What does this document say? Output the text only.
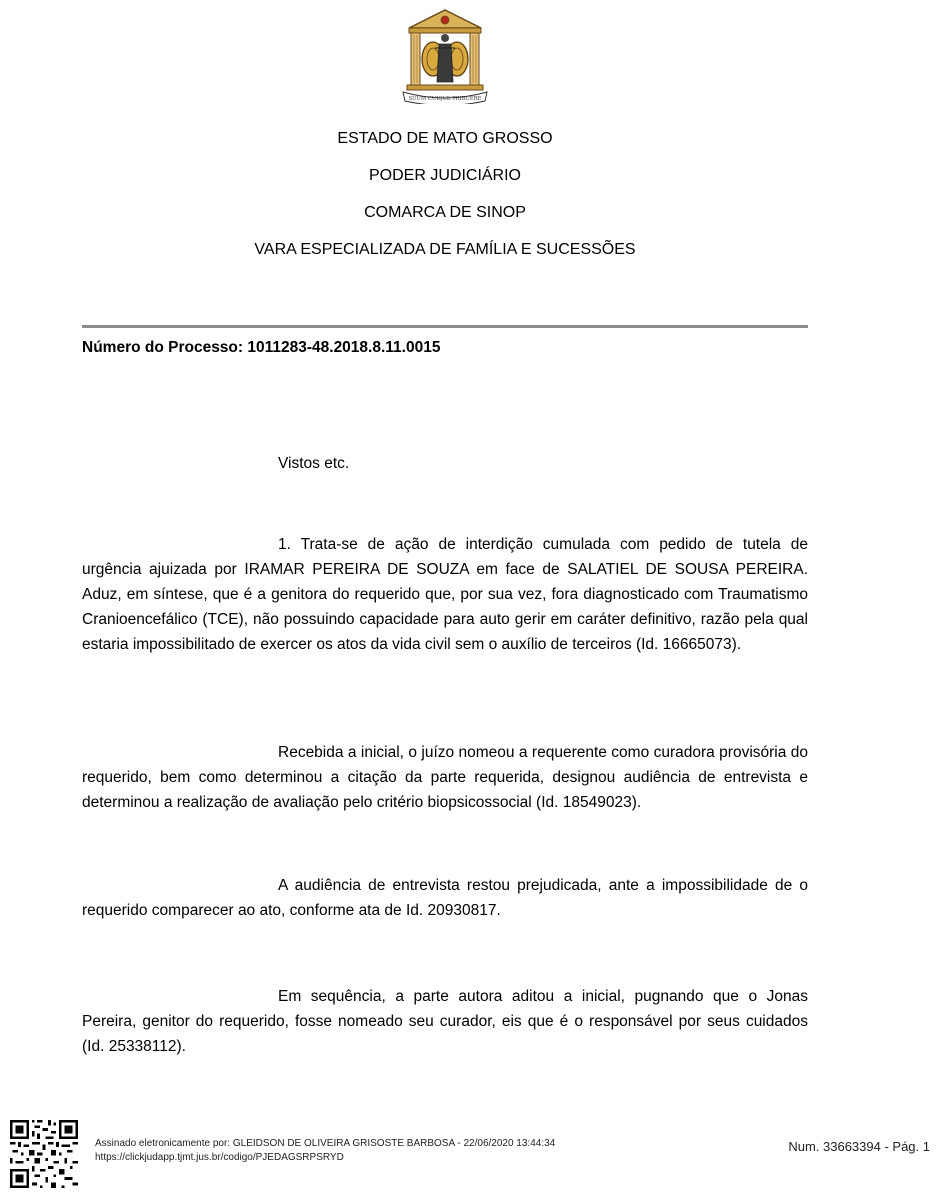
SUUM CUIQUE TRIBUERE
ESTADO DE MATO GROSSO
PODER JUDICIÁRIO
COMARCA DE SINOP
VARA ESPECIALIZADA DE FAMÍLIA E SUCESSÕES
Número do Processo: 1011283-48.2018.8.11.0015
Vistos etc.
1. Trata-se de ação de interdição cumulada com pedido de tutela de urgência ajuizada por IRAMAR PEREIRA DE SOUZA em face de SALATIEL DE SOUSA PEREIRA. Aduz, em síntese, que é a genitora do requerido que, por sua vez, fora diagnosticado com Traumatismo Cranioencefálico (TCE), não possuindo capacidade para auto gerir em caráter definitivo, razão pela qual estaria impossibilitado de exercer os atos da vida civil sem o auxílio de terceiros (Id. 16665073).
Recebida a inicial, o juízo nomeou a requerente como curadora provisória do requerido, bem como determinou a citação da parte requerida, designou audiência de entrevista e determinou a realização de avaliação pelo critério biopsicossocial (Id. 18549023).
A audiência de entrevista restou prejudicada, ante a impossibilidade de o requerido comparecer ao ato, conforme ata de Id. 20930817.
Em sequência, a parte autora aditou a inicial, pugnando que o Jonas Pereira, genitor do requerido, fosse nomeado seu curador, eis que é o responsável por seus cuidados (Id. 25338112).
Assinado eletronicamente por: GLEIDSON DE OLIVEIRA GRISOSTE BARBOSA - 22/06/2020 13:44:34
https://clickjudapp.tjmt.jus.br/codigo/PJEDAGSRPSRYD
Num. 33663394 - Pág. 1
